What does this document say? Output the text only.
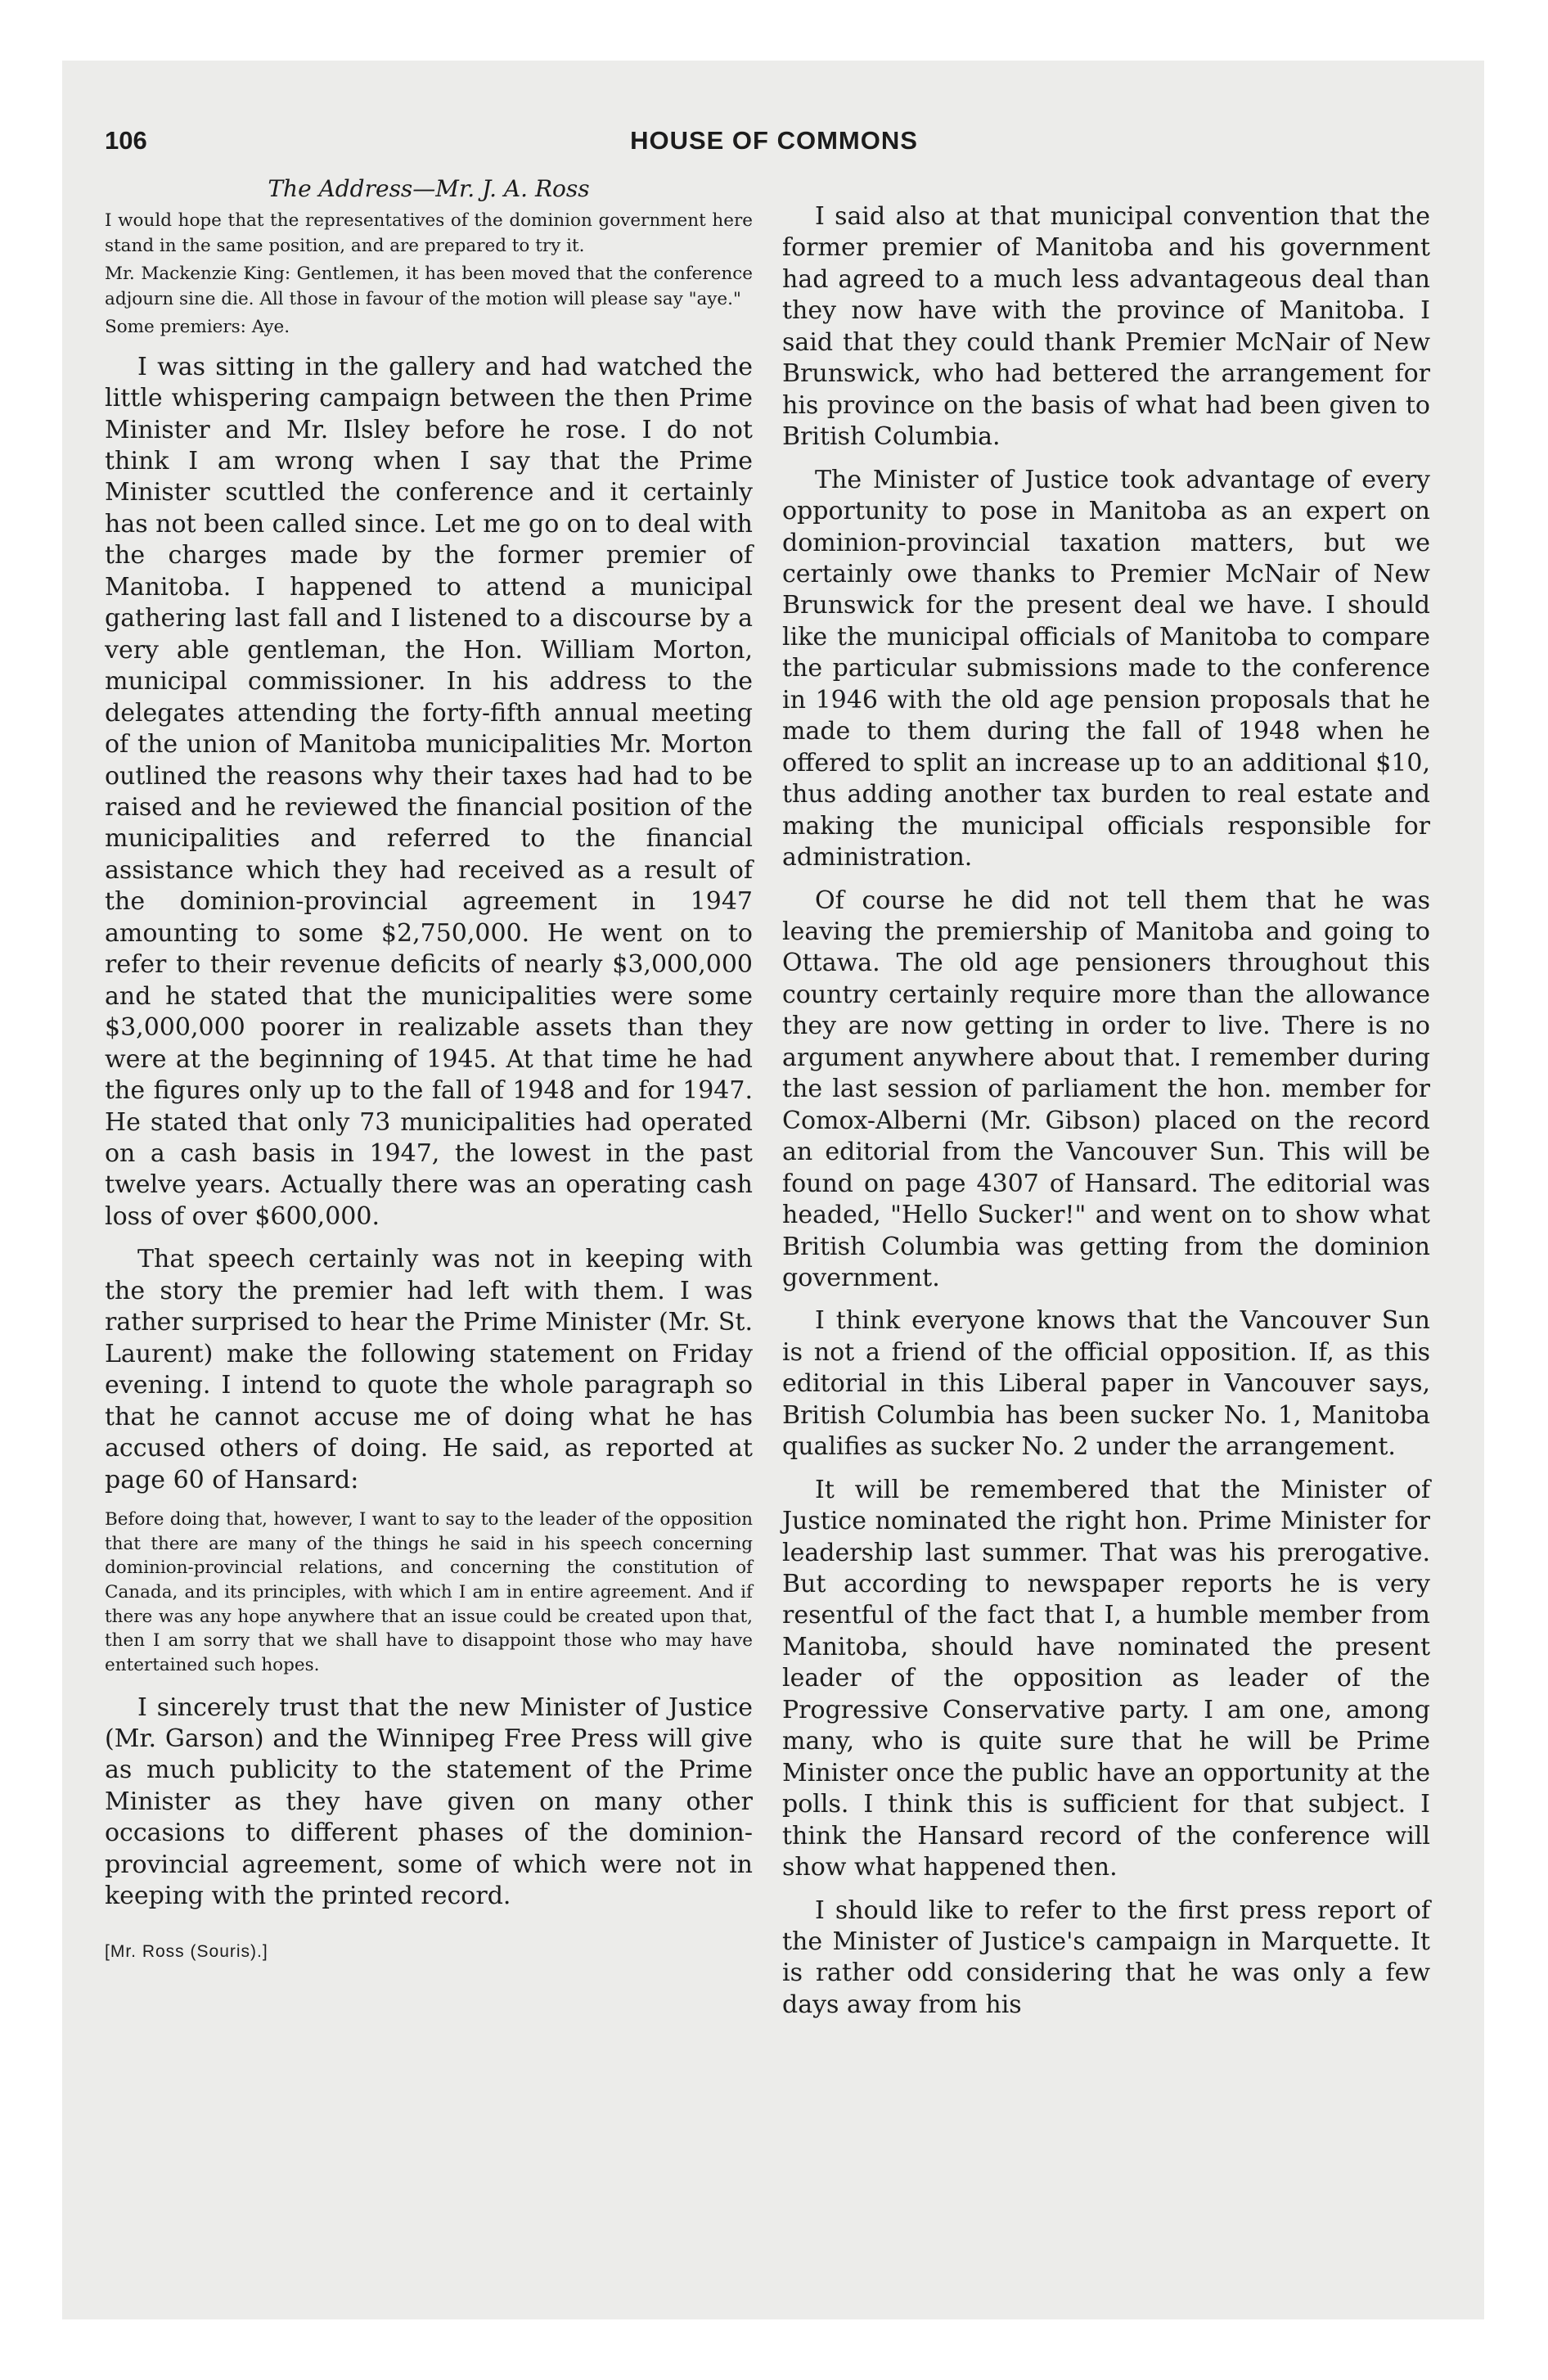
106	HOUSE OF COMMONS
The Address—Mr. J. A. Ross

I would hope that the representatives of the dominion government here stand in the same position, and are prepared to try it.

Mr. Mackenzie King: Gentlemen, it has been moved that the conference adjourn sine die. All those in favour of the motion will please say "aye."

Some premiers: Aye.

I was sitting in the gallery and had watched the little whispering campaign between the then Prime Minister and Mr. Ilsley before he rose. I do not think I am wrong when I say that the Prime Minister scuttled the conference and it certainly has not been called since. Let me go on to deal with the charges made by the former premier of Manitoba. I happened to attend a municipal gathering last fall and I listened to a discourse by a very able gentleman, the Hon. William Morton, municipal commissioner. In his address to the delegates attending the forty-fifth annual meeting of the union of Manitoba municipalities Mr. Morton outlined the reasons why their taxes had had to be raised and he reviewed the financial position of the municipalities and referred to the financial assistance which they had received as a result of the dominion-provincial agreement in 1947 amounting to some $2,750,000. He went on to refer to their revenue deficits of nearly $3,000,000 and he stated that the municipalities were some $3,000,000 poorer in realizable assets than they were at the beginning of 1945. At that time he had the figures only up to the fall of 1948 and for 1947. He stated that only 73 municipalities had operated on a cash basis in 1947, the lowest in the past twelve years. Actually there was an operating cash loss of over $600,000.

That speech certainly was not in keeping with the story the premier had left with them. I was rather surprised to hear the Prime Minister (Mr. St. Laurent) make the following statement on Friday evening. I intend to quote the whole paragraph so that he cannot accuse me of doing what he has accused others of doing. He said, as reported at page 60 of Hansard:

Before doing that, however, I want to say to the leader of the opposition that there are many of the things he said in his speech concerning dominion-provincial relations, and concerning the constitution of Canada, and its principles, with which I am in entire agreement. And if there was any hope anywhere that an issue could be created upon that, then I am sorry that we shall have to disappoint those who may have entertained such hopes.

I sincerely trust that the new Minister of Justice (Mr. Garson) and the Winnipeg Free Press will give as much publicity to the statement of the Prime Minister as they have given on many other occasions to different phases of the dominion-provincial agreement, some of which were not in keeping with the printed record.

[Mr. Ross (Souris).]

I said also at that municipal convention that the former premier of Manitoba and his government had agreed to a much less advantageous deal than they now have with the province of Manitoba. I said that they could thank Premier McNair of New Brunswick, who had bettered the arrangement for his province on the basis of what had been given to British Columbia.

The Minister of Justice took advantage of every opportunity to pose in Manitoba as an expert on dominion-provincial taxation matters, but we certainly owe thanks to Premier McNair of New Brunswick for the present deal we have. I should like the municipal officials of Manitoba to compare the particular submissions made to the conference in 1946 with the old age pension proposals that he made to them during the fall of 1948 when he offered to split an increase up to an additional $10, thus adding another tax burden to real estate and making the municipal officials responsible for administration.

Of course he did not tell them that he was leaving the premiership of Manitoba and going to Ottawa. The old age pensioners throughout this country certainly require more than the allowance they are now getting in order to live. There is no argument anywhere about that. I remember during the last session of parliament the hon. member for Comox-Alberni (Mr. Gibson) placed on the record an editorial from the Vancouver Sun. This will be found on page 4307 of Hansard. The editorial was headed, "Hello Sucker!" and went on to show what British Columbia was getting from the dominion government.

I think everyone knows that the Vancouver Sun is not a friend of the official opposition. If, as this editorial in this Liberal paper in Vancouver says, British Columbia has been sucker No. 1, Manitoba qualifies as sucker No. 2 under the arrangement.

It will be remembered that the Minister of Justice nominated the right hon. Prime Minister for leadership last summer. That was his prerogative. But according to newspaper reports he is very resentful of the fact that I, a humble member from Manitoba, should have nominated the present leader of the opposition as leader of the Progressive Conservative party. I am one, among many, who is quite sure that he will be Prime Minister once the public have an opportunity at the polls. I think this is sufficient for that subject. I think the Hansard record of the conference will show what happened then.

I should like to refer to the first press report of the Minister of Justice's campaign in Marquette. It is rather odd considering that he was only a few days away from his
